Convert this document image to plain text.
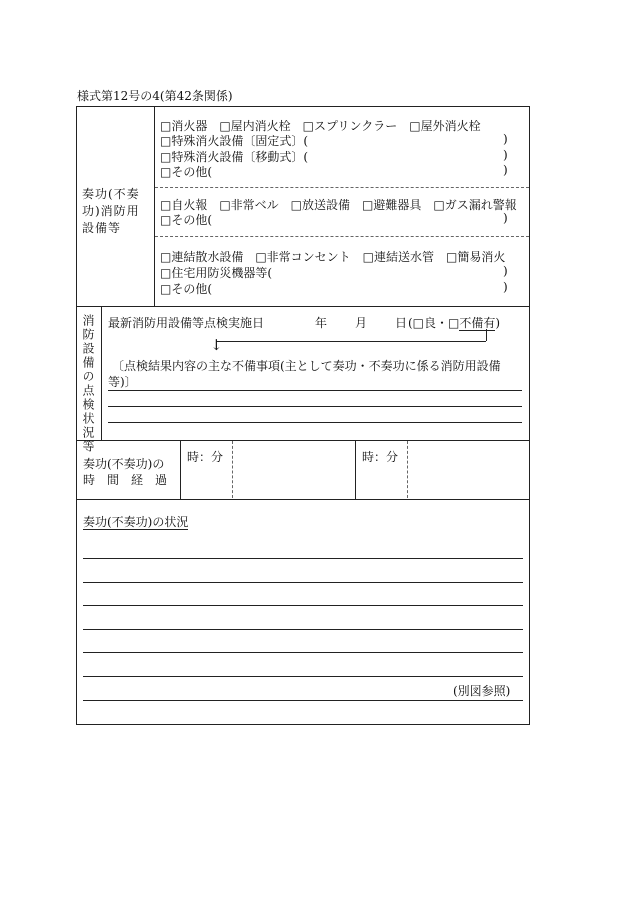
様式第12号の4(第42条関係)
奏功(不奏功)消防用設備等
□消火器　□屋内消火栓　□スプリンクラー　□屋外消火栓
□特殊消火設備〔固定式〕(	)
□特殊消火設備〔移動式〕(	)
□その他(	)
□自火報　□非常ベル　□放送設備　□避難器具　□ガス漏れ警報
□その他(	)
□連結散水設備　□非常コンセント　□連結送水管　□簡易消火
□住宅用防災機器等(	)
□その他(	)
消防設備の点検状況等 最新消防用設備等点検実施日	年 月 日 (□良・□不備有)
↓
〔点検結果内容の主な不備事項(主として奏功・不奏功に係る消防用設備
等)〕
奏功(不奏功)の
時　間　経　過
時：分	時：分
奏功(不奏功)の状況
(別図参照)
